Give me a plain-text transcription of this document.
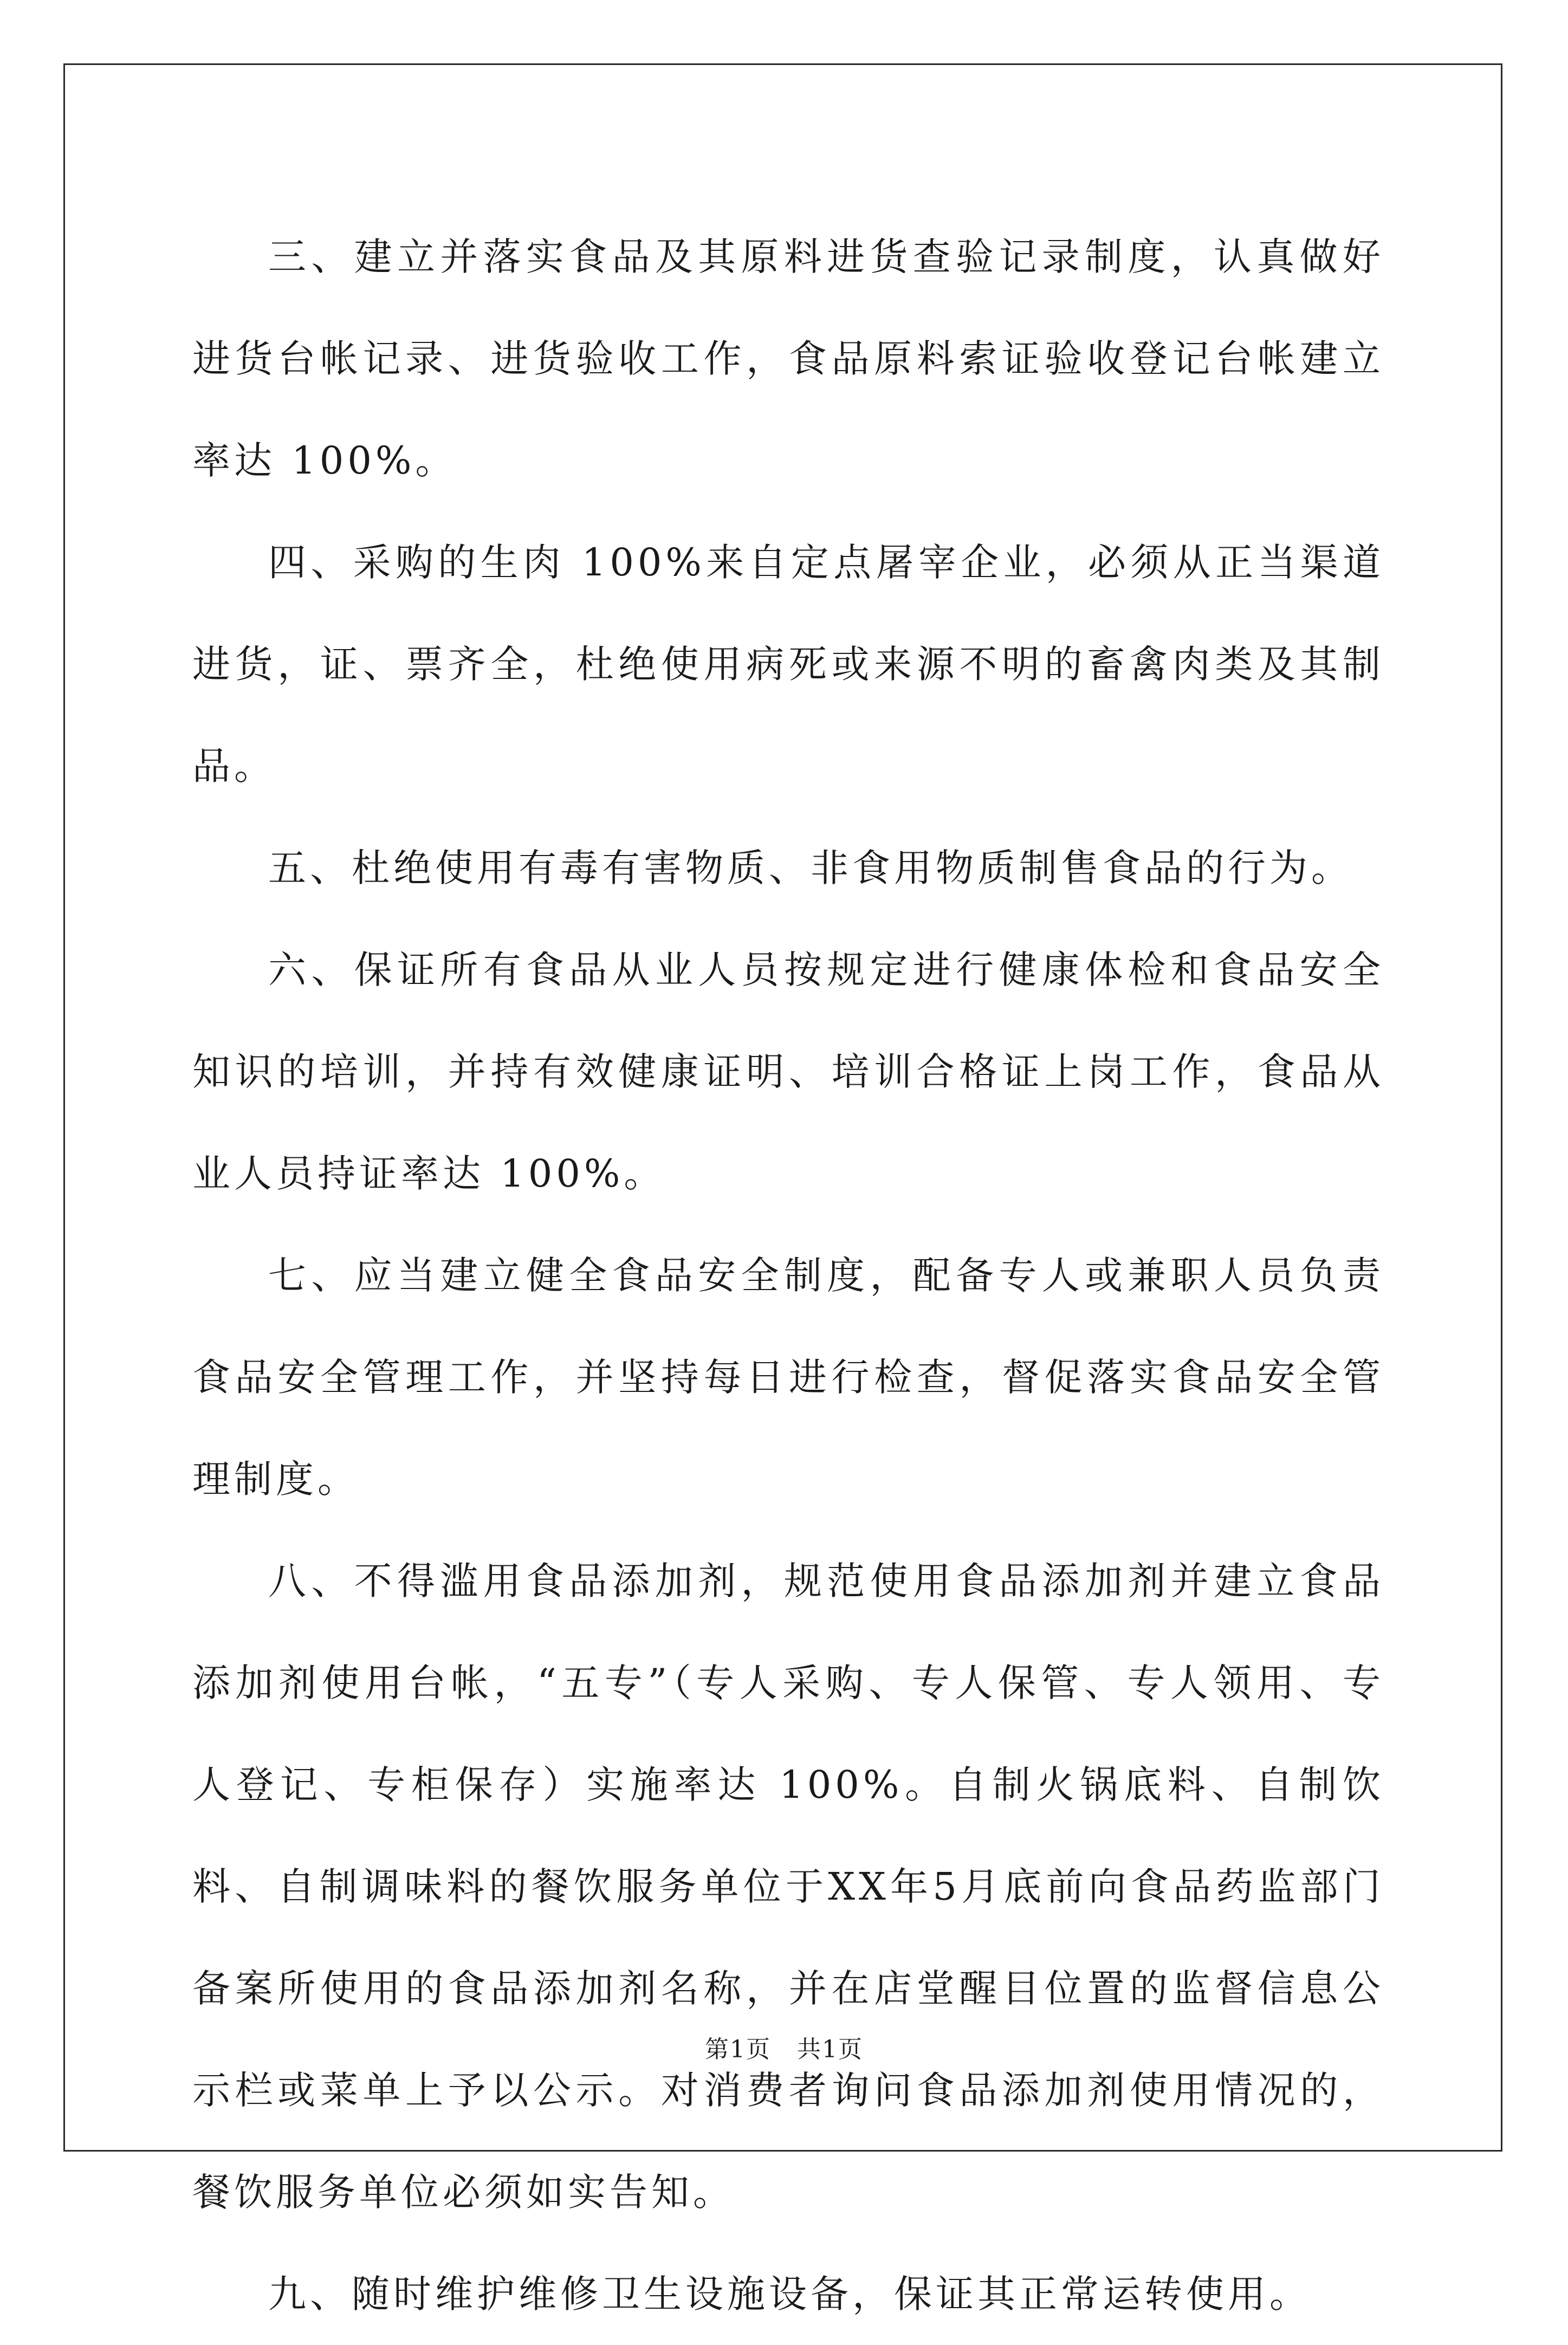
三、建立并落实食品及其原料进货查验记录制度，认真做好进货台帐记录、进货验收工作，食品原料索证验收登记台帐建立率达 100%。

四、采购的生肉 100%来自定点屠宰企业，必须从正当渠道进货，证、票齐全，杜绝使用病死或来源不明的畜禽肉类及其制品。

五、杜绝使用有毒有害物质、非食用物质制售食品的行为。

六、保证所有食品从业人员按规定进行健康体检和食品安全知识的培训，并持有效健康证明、培训合格证上岗工作，食品从业人员持证率达 100%。

七、应当建立健全食品安全制度，配备专人或兼职人员负责食品安全管理工作，并坚持每日进行检查，督促落实食品安全管理制度。

八、不得滥用食品添加剂，规范使用食品添加剂并建立食品添加剂使用台帐，“五专”（专人采购、专人保管、专人领用、专人登记、专柜保存）实施率达 100%。自制火锅底料、自制饮料、自制调味料的餐饮服务单位于XX年5月底前向食品药监部门备案所使用的食品添加剂名称，并在店堂醒目位置的监督信息公示栏或菜单上予以公示。对消费者询问食品添加剂使用情况的，餐饮服务单位必须如实告知。

九、随时维护维修卫生设施设备，保证其正常运转使用。

第1页   共1页
